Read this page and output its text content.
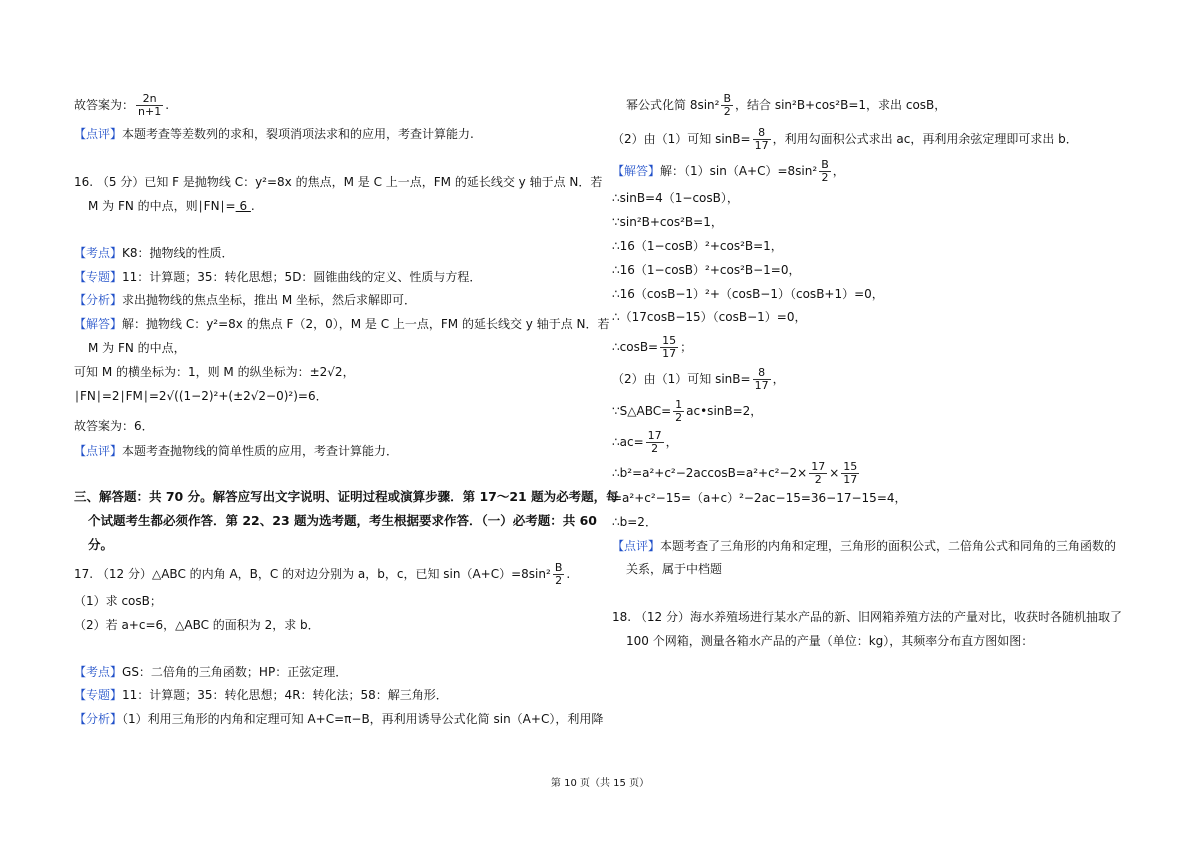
故答案为： $\frac{2n}{n+1}$ .
【点评】本题考查等差数列的求和，裂项消项法求和的应用，考查计算能力.
16. （5 分）已知 F 是抛物线 C：y²=8x 的焦点，M 是 C 上一点，FM 的延长线交 y 轴于点 N．若
M 为 FN 的中点，则∣FN∣= 6 .
【考点】K8：抛物线的性质．
【专题】11：计算题；35：转化思想；5D：圆锥曲线的定义、性质与方程．
【分析】求出抛物线的焦点坐标，推出 M 坐标，然后求解即可．
【解答】解：抛物线 C：y²=8x 的焦点 F（2，0），M 是 C 上一点，FM 的延长线交 y 轴于点 N．若
M 为 FN 的中点，
可知 M 的横坐标为：1，则 M 的纵坐标为：±2√2，
∣FN∣=2∣FM∣=2√((1−2)²+(±2√2−0)²)=6．
故答案为：6．
【点评】本题考查抛物线的简单性质的应用，考查计算能力．
三、解答题：共 70 分。解答应写出文字说明、证明过程或演算步骤．第 17～21 题为必考题，每
个试题考生都必须作答．第 22、23 题为选考题，考生根据要求作答．（一）必考题：共 60
分。
17. （12 分）△ABC 的内角 A，B，C 的对边分别为 a，b，c，已知 $\sin(A+C)=8\sin^2 \frac{B}{2}$ .
（1）求 cosB；
（2）若 a+c=6，△ABC 的面积为 2，求 b．
【考点】GS：二倍角的三角函数；HP：正弦定理．
【专题】11：计算题；35：转化思想；4R：转化法；58：解三角形．
【分析】（1）利用三角形的内角和定理可知 A+C=π−B，再利用诱导公式化简 sin（A+C），利用降
幂公式化简 $8\sin^2 \frac{B}{2}$ ，结合 sin²B+cos²B=1，求出 cosB，
（2）由（1）可知 $\sin B= \frac{8}{17}$ ，利用勾面积公式求出 ac，再利用余弦定理即可求出 b．
【解答】解：$(1)\sin(A+C)=8\sin^2 \frac{B}{2}$ ，
∴sinB=4（1−cosB），
∵sin²B+cos²B=1，
∴16（1−cosB）²+cos²B=1，
∴16（1−cosB）²+cos²B−1=0，
∴16（cosB−1）²+（cosB−1）（cosB+1）=0，
∴（17cosB−15）（cosB−1）=0，
∴cosB= $\frac{15}{17}$ ；
（2）由（1）可知 $\sin B= \frac{8}{17}$ ，
∵S△ABC= $\frac{1}{2}$ ac•sinB=2，
∴ac= $\frac{17}{2}$ ，
∴b²=a²+c²−2accosB=a²+c²−2× $\frac{17}{2} \times \frac{15}{17}$
=a²+c²−15=（a+c）²−2ac−15=36−17−15=4，
∴b=2．
【点评】本题考查了三角形的内角和定理，三角形的面积公式，二倍角公式和同角的三角函数的
关系，属于中档题
18. （12 分）海水养殖场进行某水产品的新、旧网箱养殖方法的产量对比，收获时各随机抽取了
100 个网箱，测量各箱水产品的产量（单位：kg），其频率分布直方图如图：
第 10 页（共 15 页）
